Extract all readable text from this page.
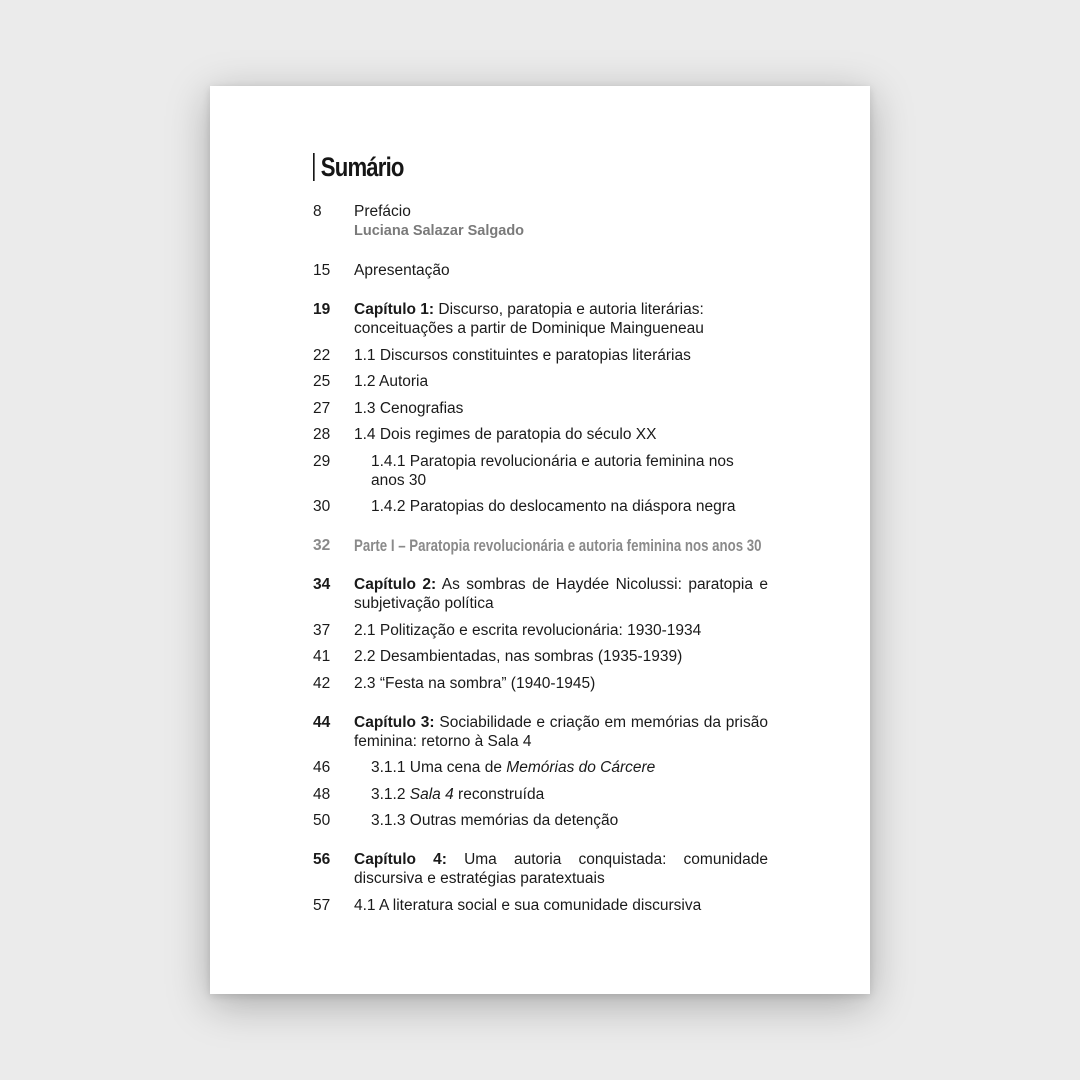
Sumário
8	Prefácio
Luciana Salazar Salgado
15	Apresentação
19	Capítulo 1: Discurso, paratopia e autoria literárias: conceituações a partir de Dominique Maingueneau
22	1.1 Discursos constituintes e paratopias literárias
25	1.2 Autoria
27	1.3 Cenografias
28	1.4 Dois regimes de paratopia do século XX
29	1.4.1 Paratopia revolucionária e autoria feminina nos anos 30
30	1.4.2 Paratopias do deslocamento na diáspora negra
32	Parte I – Paratopia revolucionária e autoria feminina nos anos 30
34	Capítulo 2: As sombras de Haydée Nicolussi: paratopia e subjetivação política
37	2.1 Politização e escrita revolucionária: 1930-1934
41	2.2 Desambientadas, nas sombras (1935-1939)
42	2.3 “Festa na sombra” (1940-1945)
44	Capítulo 3: Sociabilidade e criação em memórias da prisão feminina: retorno à Sala 4
46	3.1.1 Uma cena de Memórias do Cárcere
48	3.1.2 Sala 4 reconstruída
50	3.1.3 Outras memórias da detenção
56	Capítulo 4: Uma autoria conquistada: comunidade discursiva e estratégias paratextuais
57	4.1 A literatura social e sua comunidade discursiva
